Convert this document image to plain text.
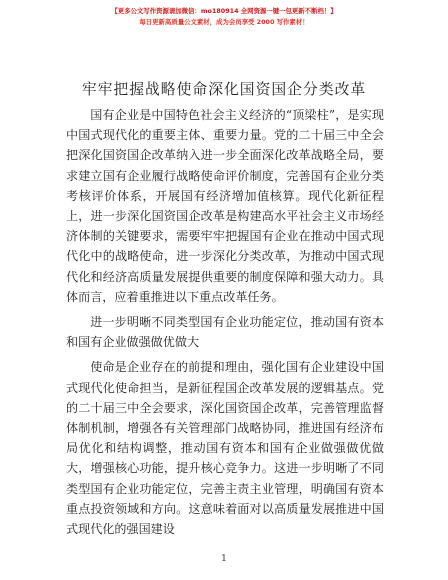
【更多公文写作资源请加微信：mo180914 全网资源一键一包更新不断档！】
每日更新高质量公文素材，成为会员享受 2000 写作素材！
牢牢把握战略使命深化国资国企分类改革

国有企业是中国特色社会主义经济的“顶梁柱”，是实现中国式现代化的重要主体、重要力量。党的二十届三中全会把深化国资国企改革纳入进一步全面深化改革战略全局，要求建立国有企业履行战略使命评价制度，完善国有企业分类考核评价体系，开展国有经济增加值核算。现代化新征程上，进一步深化国资国企改革是构建高水平社会主义市场经济体制的关键要求，需要牢牢把握国有企业在推动中国式现代化中的战略使命，进一步深化分类改革，为推动中国式现代化和经济高质量发展提供重要的制度保障和强大动力。具体而言，应着重推进以下重点改革任务。

进一步明晰不同类型国有企业功能定位，推动国有资本和国有企业做强做优做大

使命是企业存在的前提和理由，强化国有企业建设中国式现代化使命担当，是新征程国企改革发展的逻辑基点。党的二十届三中全会要求，深化国资国企改革，完善管理监督体制机制，增强各有关管理部门战略协同，推进国有经济布局优化和结构调整，推动国有资本和国有企业做强做优做大，增强核心功能，提升核心竞争力。这进一步明晰了不同类型国有企业功能定位，完善主责主业管理，明确国有资本重点投资领域和方向。这意味着面对以高质量发展推进中国式现代化的强国建设

1
